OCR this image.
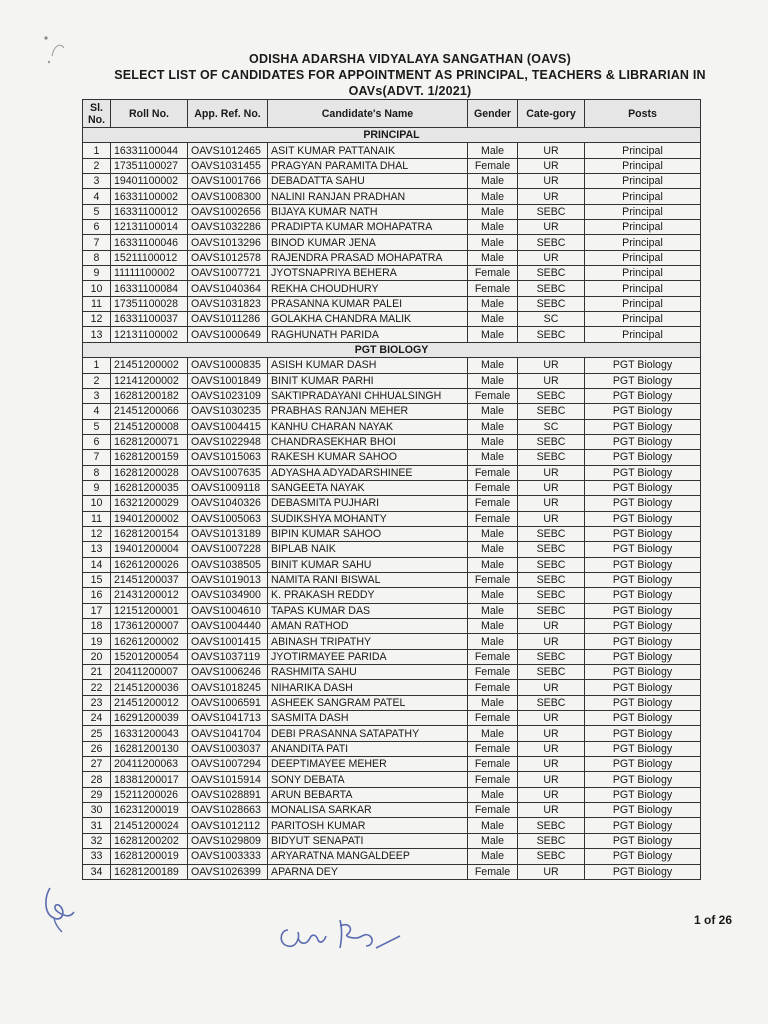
ODISHA ADARSHA VIDYALAYA SANGATHAN (OAVS)
SELECT LIST OF CANDIDATES FOR APPOINTMENT AS PRINCIPAL, TEACHERS & LIBRARIAN IN
OAVs(ADVT. 1/2021)
Sl. No.	Roll No.	App. Ref. No.	Candidate's Name	Gender	Cate-gory	Posts
PRINCIPAL						
1	16331100044	OAVS1012465	ASIT KUMAR PATTANAIK	Male	UR	Principal
2	17351100027	OAVS1031455	PRAGYAN PARAMITA DHAL	Female	UR	Principal
3	19401100002	OAVS1001766	DEBADATTA SAHU	Male	UR	Principal
4	16331100002	OAVS1008300	NALINI RANJAN PRADHAN	Male	UR	Principal
5	16331100012	OAVS1002656	BIJAYA KUMAR NATH	Male	SEBC	Principal
6	12131100014	OAVS1032286	PRADIPTA KUMAR MOHAPATRA	Male	UR	Principal
7	16331100046	OAVS1013296	BINOD KUMAR JENA	Male	SEBC	Principal
8	15211100012	OAVS1012578	RAJENDRA PRASAD MOHAPATRA	Male	UR	Principal
9	11111100002	OAVS1007721	JYOTSNAPRIYA BEHERA	Female	SEBC	Principal
10	16331100084	OAVS1040364	REKHA CHOUDHURY	Female	SEBC	Principal
11	17351100028	OAVS1031823	PRASANNA KUMAR PALEI	Male	SEBC	Principal
12	16331100037	OAVS1011286	GOLAKHA CHANDRA MALIK	Male	SC	Principal
13	12131100002	OAVS1000649	RAGHUNATH PARIDA	Male	SEBC	Principal
PGT BIOLOGY						
1	21451200002	OAVS1000835	ASISH KUMAR DASH	Male	UR	PGT Biology
2	12141200002	OAVS1001849	BINIT KUMAR PARHI	Male	UR	PGT Biology
3	16281200182	OAVS1023109	SAKTIPRADAYANI CHHUALSINGH	Female	SEBC	PGT Biology
4	21451200066	OAVS1030235	PRABHAS RANJAN MEHER	Male	SEBC	PGT Biology
5	21451200008	OAVS1004415	KANHU CHARAN NAYAK	Male	SC	PGT Biology
6	16281200071	OAVS1022948	CHANDRASEKHAR BHOI	Male	SEBC	PGT Biology
7	16281200159	OAVS1015063	RAKESH KUMAR SAHOO	Male	SEBC	PGT Biology
8	16281200028	OAVS1007635	ADYASHA ADYADARSHINEE	Female	UR	PGT Biology
9	16281200035	OAVS1009118	SANGEETA NAYAK	Female	UR	PGT Biology
10	16321200029	OAVS1040326	DEBASMITA PUJHARI	Female	UR	PGT Biology
11	19401200002	OAVS1005063	SUDIKSHYA MOHANTY	Female	UR	PGT Biology
12	16281200154	OAVS1013189	BIPIN KUMAR SAHOO	Male	SEBC	PGT Biology
13	19401200004	OAVS1007228	BIPLAB NAIK	Male	SEBC	PGT Biology
14	16261200026	OAVS1038505	BINIT KUMAR SAHU	Male	SEBC	PGT Biology
15	21451200037	OAVS1019013	NAMITA RANI BISWAL	Female	SEBC	PGT Biology
16	21431200012	OAVS1034900	K. PRAKASH REDDY	Male	SEBC	PGT Biology
17	12151200001	OAVS1004610	TAPAS KUMAR DAS	Male	SEBC	PGT Biology
18	17361200007	OAVS1004440	AMAN RATHOD	Male	UR	PGT Biology
19	16261200002	OAVS1001415	ABINASH TRIPATHY	Male	UR	PGT Biology
20	15201200054	OAVS1037119	JYOTIRMAYEE PARIDA	Female	SEBC	PGT Biology
21	20411200007	OAVS1006246	RASHMITA SAHU	Female	SEBC	PGT Biology
22	21451200036	OAVS1018245	NIHARIKA DASH	Female	UR	PGT Biology
23	21451200012	OAVS1006591	ASHEEK SANGRAM PATEL	Male	SEBC	PGT Biology
24	16291200039	OAVS1041713	SASMITA DASH	Female	UR	PGT Biology
25	16331200043	OAVS1041704	DEBI PRASANNA SATAPATHY	Male	UR	PGT Biology
26	16281200130	OAVS1003037	ANANDITA PATI	Female	UR	PGT Biology
27	20411200063	OAVS1007294	DEEPTIMAYEE MEHER	Female	UR	PGT Biology
28	18381200017	OAVS1015914	SONY DEBATA	Female	UR	PGT Biology
29	15211200026	OAVS1028891	ARUN BEBARTA	Male	UR	PGT Biology
30	16231200019	OAVS1028663	MONALISA SARKAR	Female	UR	PGT Biology
31	21451200024	OAVS1012112	PARITOSH KUMAR	Male	SEBC	PGT Biology
32	16281200202	OAVS1029809	BIDYUT SENAPATI	Male	SEBC	PGT Biology
33	16281200019	OAVS1003333	ARYARATNA MANGALDEEP	Male	SEBC	PGT Biology
34	16281200189	OAVS1026399	APARNA DEY	Female	UR	PGT Biology
1 of 26
